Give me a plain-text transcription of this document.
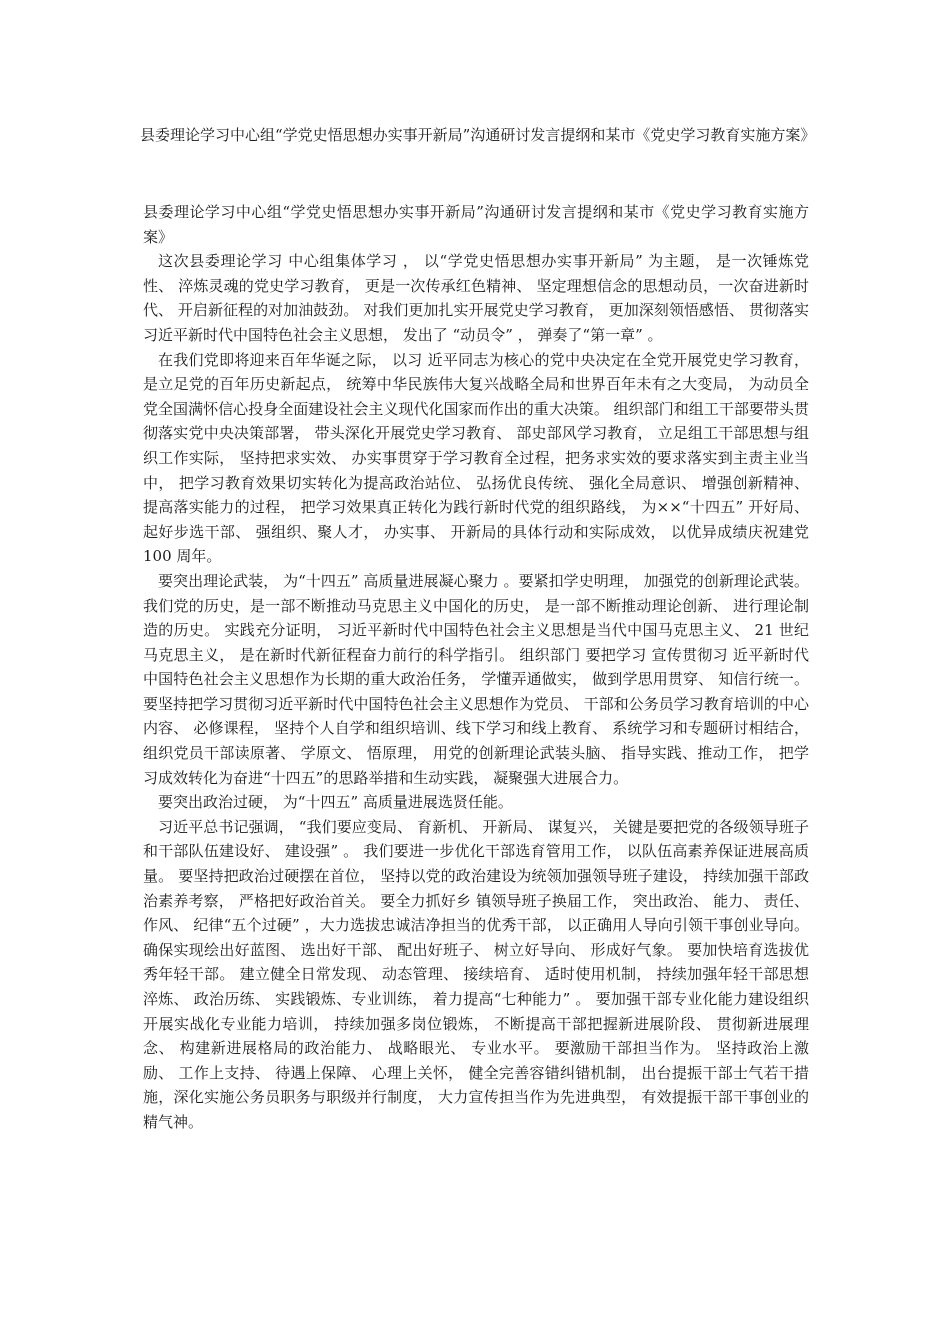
县委理论学习中心组“学党史悟思想办实事开新局”沟通研讨发言提纲和某市《党史学习教育实施方案》

县委理论学习中心组“学党史悟思想办实事开新局”沟通研讨发言提纲和某市《党史学习教育实施方案》

这次县委理论学习 中心组集体学习 ， 以“学党史悟思想办实事开新局” 为主题， 是一次锤炼党性、 淬炼灵魂的党史学习教育， 更是一次传承红色精神、 坚定理想信念的思想动员，一次奋进新时代、 开启新征程的对加油鼓劲。 对我们更加扎实开展党史学习教育， 更加深刻领悟感悟、 贯彻落实习近平新时代中国特色社会主义思想， 发出了 “动员令” ， 弹奏了“第一章” 。

在我们党即将迎来百年华诞之际， 以习 近平同志为核心的党中央决定在全党开展党史学习教育， 是立足党的百年历史新起点， 统筹中华民族伟大复兴战略全局和世界百年未有之大变局， 为动员全党全国满怀信心投身全面建设社会主义现代化国家而作出的重大决策。 组织部门和组工干部要带头贯彻落实党中央决策部署， 带头深化开展党史学习教育、 部史部风学习教育， 立足组工干部思想与组织工作实际， 坚持把求实效、 办实事贯穿于学习教育全过程，把务求实效的要求落实到主责主业当中， 把学习教育效果切实转化为提高政治站位、 弘扬优良传统、 强化全局意识、 增强创新精神、 提高落实能力的过程， 把学习效果真正转化为践行新时代党的组织路线， 为××“十四五” 开好局、 起好步选干部、 强组织、聚人才， 办实事、 开新局的具体行动和实际成效， 以优异成绩庆祝建党 100 周年。

要突出理论武装， 为“十四五” 高质量进展凝心聚力 。要紧扣学史明理， 加强党的创新理论武装。 我们党的历史，是一部不断推动马克思主义中国化的历史， 是一部不断推动理论创新、 进行理论制造的历史。 实践充分证明， 习近平新时代中国特色社会主义思想是当代中国马克思主义、 21 世纪马克思主义， 是在新时代新征程奋力前行的科学指引。 组织部门 要把学习 宣传贯彻习 近平新时代中国特色社会主义思想作为长期的重大政治任务， 学懂弄通做实， 做到学思用贯穿、 知信行统一。 要坚持把学习贯彻习近平新时代中国特色社会主义思想作为党员、 干部和公务员学习教育培训的中心内容、 必修课程， 坚持个人自学和组织培训、线下学习和线上教育、 系统学习和专题研讨相结合， 组织党员干部读原著、 学原文、 悟原理， 用党的创新理论武装头脑、 指导实践、推动工作， 把学习成效转化为奋进“十四五”的思路举措和生动实践， 凝聚强大进展合力。

要突出政治过硬， 为“十四五” 高质量进展选贤任能。

习近平总书记强调， “我们要应变局、 育新机、 开新局、 谋复兴， 关键是要把党的各级领导班子和干部队伍建设好、 建设强” 。 我们要进一步优化干部选育管用工作， 以队伍高素养保证进展高质量。 要坚持把政治过硬摆在首位， 坚持以党的政治建设为统领加强领导班子建设， 持续加强干部政治素养考察， 严格把好政治首关。 要全力抓好乡 镇领导班子换届工作， 突出政治、 能力、 责任、 作风、 纪律“五个过硬” ，大力选拔忠诚洁净担当的优秀干部， 以正确用人导向引领干事创业导向。 确保实现绘出好蓝图、 选出好干部、 配出好班子、 树立好导向、 形成好气象。 要加快培育选拔优秀年轻干部。 建立健全日常发现、 动态管理、 接续培育、 适时使用机制， 持续加强年轻干部思想淬炼、 政治历练、 实践锻炼、专业训练， 着力提高“七种能力” 。 要加强干部专业化能力建设组织开展实战化专业能力培训， 持续加强多岗位锻炼， 不断提高干部把握新进展阶段、 贯彻新进展理念、 构建新进展格局的政治能力、 战略眼光、 专业水平。 要激励干部担当作为。 坚持政治上激励、 工作上支持、 待遇上保障、 心理上关怀， 健全完善容错纠错机制， 出台提振干部士气若干措施，深化实施公务员职务与职级并行制度， 大力宣传担当作为先进典型， 有效提振干部干事创业的精气神。
